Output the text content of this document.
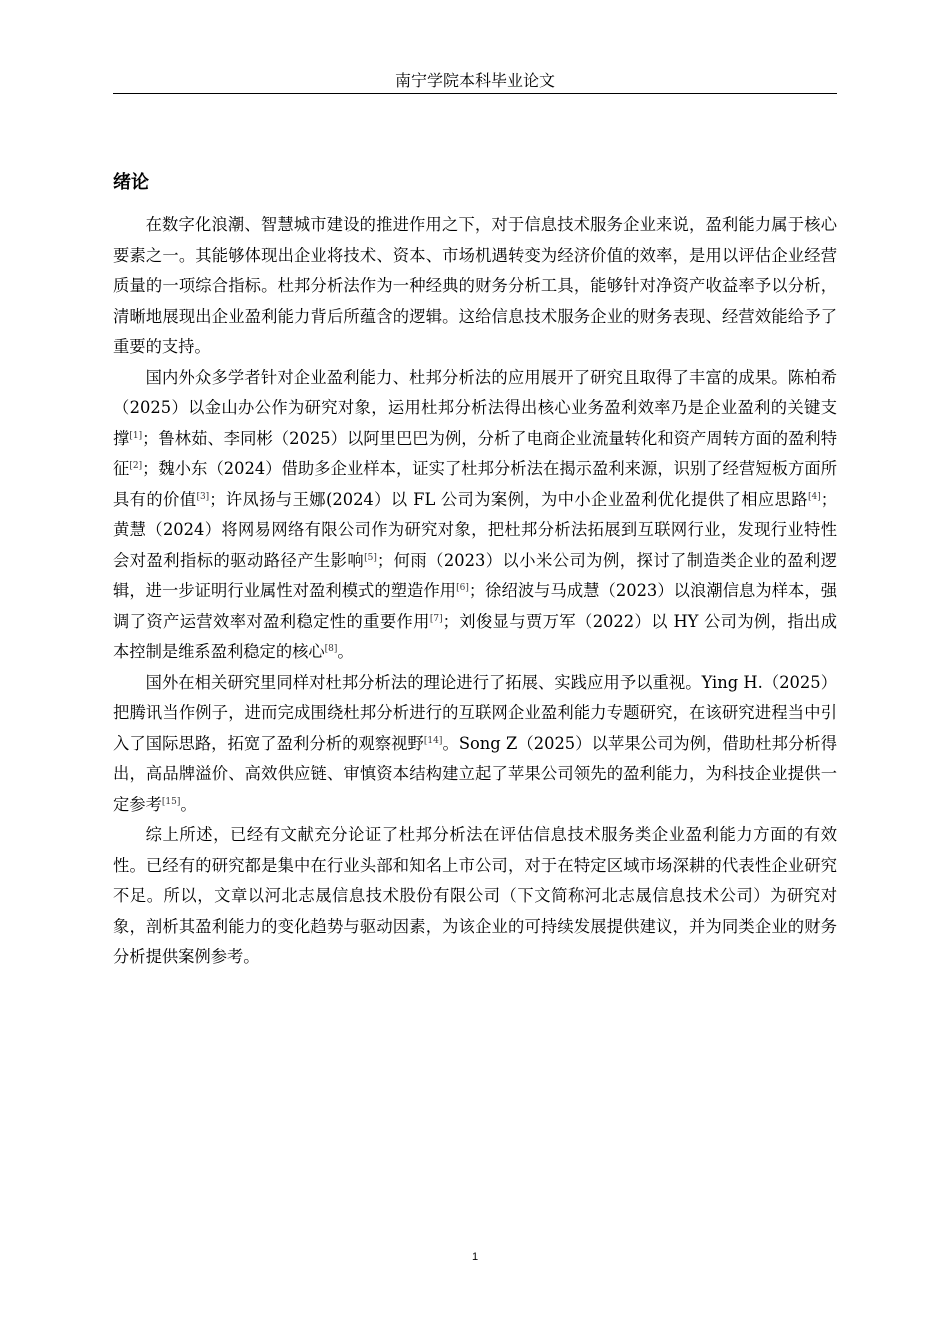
南宁学院本科毕业论文
绪论

在数字化浪潮、智慧城市建设的推进作用之下，对于信息技术服务企业来说，盈利能力属于核心要素之一。其能够体现出企业将技术、资本、市场机遇转变为经济价值的效率，是用以评估企业经营质量的一项综合指标。杜邦分析法作为一种经典的财务分析工具，能够针对净资产收益率予以分析，清晰地展现出企业盈利能力背后所蕴含的逻辑。这给信息技术服务企业的财务表现、经营效能给予了重要的支持。

国内外众多学者针对企业盈利能力、杜邦分析法的应用展开了研究且取得了丰富的成果。陈柏希（2025）以金山办公作为研究对象，运用杜邦分析法得出核心业务盈利效率乃是企业盈利的关键支撑[1]；鲁林茹、李同彬（2025）以阿里巴巴为例，分析了电商企业流量转化和资产周转方面的盈利特征[2]；魏小东（2024）借助多企业样本，证实了杜邦分析法在揭示盈利来源，识别了经营短板方面所具有的价值[3]；许凤扬与王娜(2024）以 FL 公司为案例，为中小企业盈利优化提供了相应思路[4]；黄慧（2024）将网易网络有限公司作为研究对象，把杜邦分析法拓展到互联网行业，发现行业特性会对盈利指标的驱动路径产生影响[5]；何雨（2023）以小米公司为例，探讨了制造类企业的盈利逻辑，进一步证明行业属性对盈利模式的塑造作用[6]；徐绍波与马成慧（2023）以浪潮信息为样本，强调了资产运营效率对盈利稳定性的重要作用[7]；刘俊显与贾万军（2022）以 HY 公司为例，指出成本控制是维系盈利稳定的核心[8]。

国外在相关研究里同样对杜邦分析法的理论进行了拓展、实践应用予以重视。Ying H.（2025）把腾讯当作例子，进而完成围绕杜邦分析进行的互联网企业盈利能力专题研究，在该研究进程当中引入了国际思路，拓宽了盈利分析的观察视野[14]。Song Z（2025）以苹果公司为例，借助杜邦分析得出，高品牌溢价、高效供应链、审慎资本结构建立起了苹果公司领先的盈利能力，为科技企业提供一定参考[15]。

综上所述，已经有文献充分论证了杜邦分析法在评估信息技术服务类企业盈利能力方面的有效性。已经有的研究都是集中在行业头部和知名上市公司，对于在特定区域市场深耕的代表性企业研究不足。所以，文章以河北志晟信息技术股份有限公司（下文简称河北志晟信息技术公司）为研究对象，剖析其盈利能力的变化趋势与驱动因素，为该企业的可持续发展提供建议，并为同类企业的财务分析提供案例参考。

1
